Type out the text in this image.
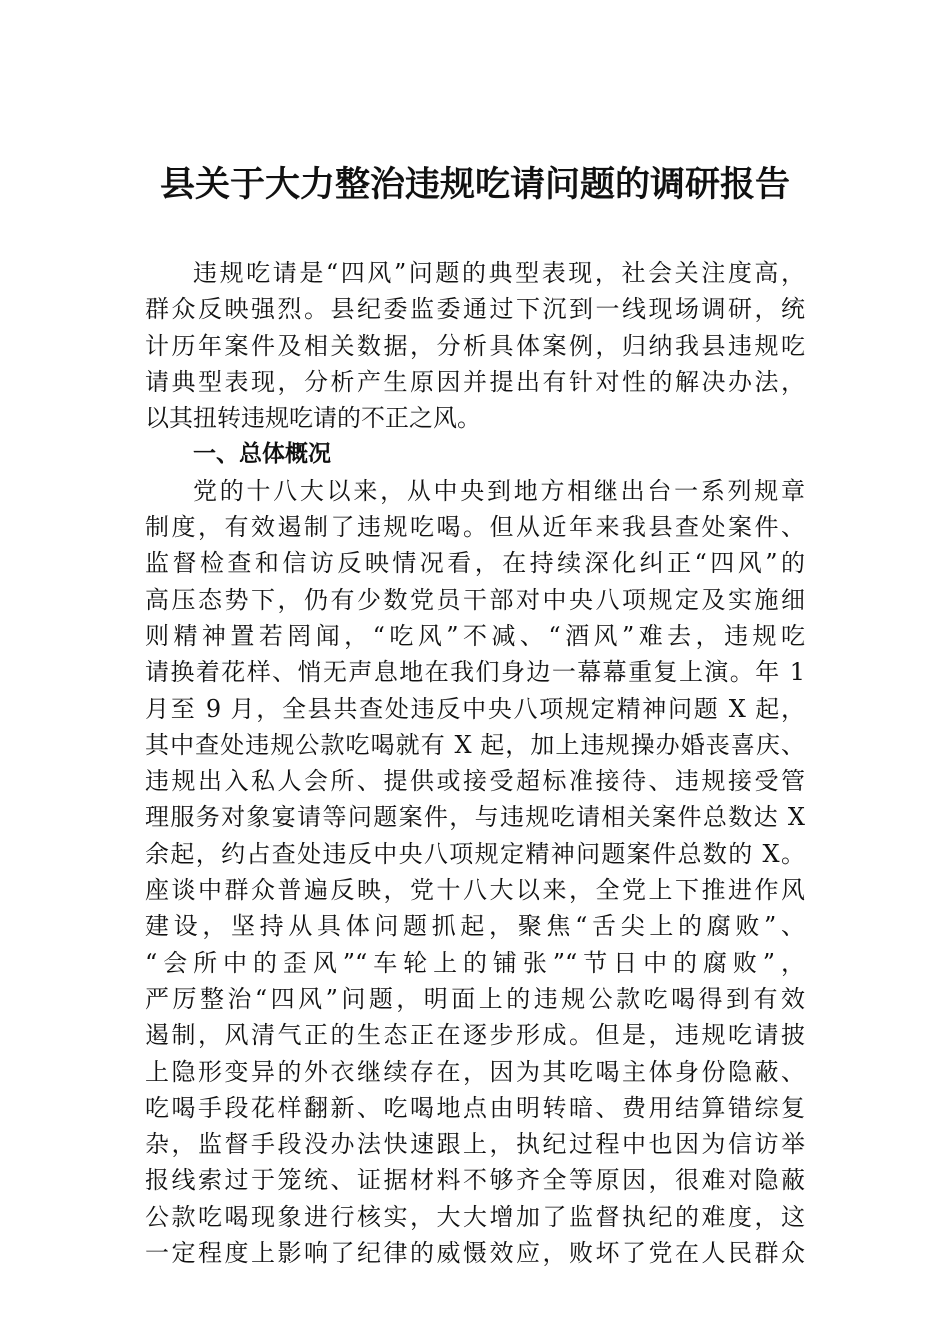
县关于大力整治违规吃请问题的调研报告
违规吃请是“四风”问题的典型表现，社会关注度高，
群众反映强烈。县纪委监委通过下沉到一线现场调研，统
计历年案件及相关数据，分析具体案例，归纳我县违规吃
请典型表现，分析产生原因并提出有针对性的解决办法，
以其扭转违规吃请的不正之风。
一、总体概况
党的十八大以来，从中央到地方相继出台一系列规章
制度，有效遏制了违规吃喝。但从近年来我县查处案件、
监督检查和信访反映情况看，在持续深化纠正“四风”的
高压态势下，仍有少数党员干部对中央八项规定及实施细
则精神置若罔闻，“吃风”不减、“酒风”难去，违规吃
请换着花样、悄无声息地在我们身边一幕幕重复上演。年 1
月至 9 月，全县共查处违反中央八项规定精神问题 X 起，
其中查处违规公款吃喝就有 X 起，加上违规操办婚丧喜庆、
违规出入私人会所、提供或接受超标准接待、违规接受管
理服务对象宴请等问题案件，与违规吃请相关案件总数达 X
余起，约占查处违反中央八项规定精神问题案件总数的 X。
座谈中群众普遍反映，党十八大以来，全党上下推进作风
建设，坚持从具体问题抓起，聚焦“舌尖上的腐败”、
“会所中的歪风”“车轮上的铺张”“节日中的腐败”，
严厉整治“四风”问题，明面上的违规公款吃喝得到有效
遏制，风清气正的生态正在逐步形成。但是，违规吃请披
上隐形变异的外衣继续存在，因为其吃喝主体身份隐蔽、
吃喝手段花样翻新、吃喝地点由明转暗、费用结算错综复
杂，监督手段没办法快速跟上，执纪过程中也因为信访举
报线索过于笼统、证据材料不够齐全等原因，很难对隐蔽
公款吃喝现象进行核实，大大增加了监督执纪的难度，这
一定程度上影响了纪律的威慑效应，败坏了党在人民群众
